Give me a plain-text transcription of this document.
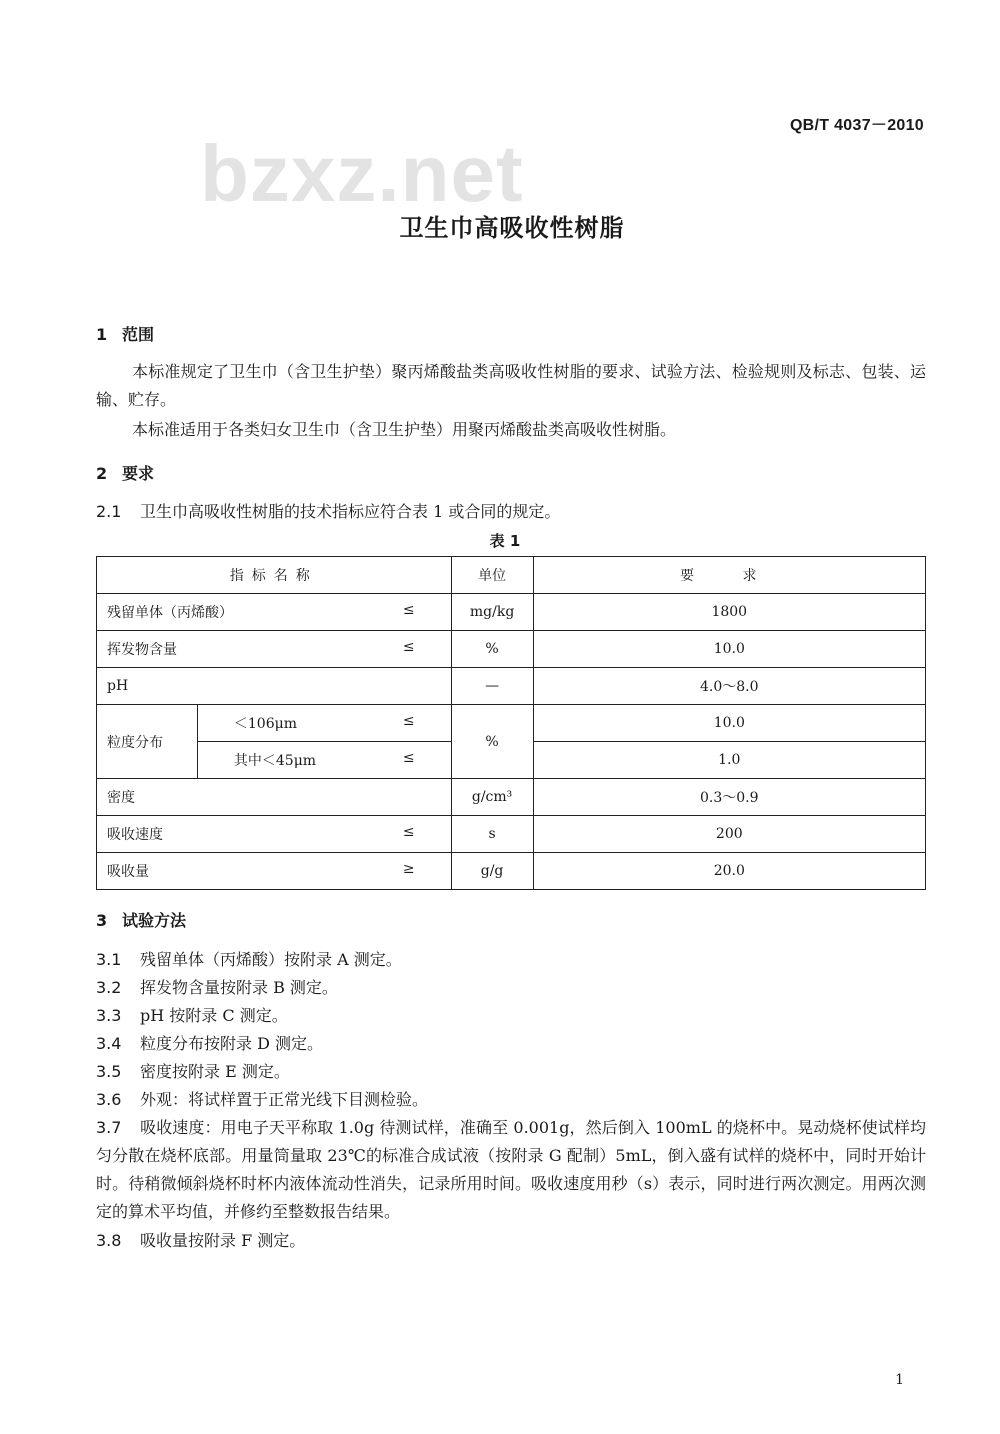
bzxz.net
QB/T 4037－2010
卫生巾高吸收性树脂
1 范围
本标准规定了卫生巾（含卫生护垫）聚丙烯酸盐类高吸收性树脂的要求、试验方法、检验规则及标志、包装、运输、贮存。
本标准适用于各类妇女卫生巾（含卫生护垫）用聚丙烯酸盐类高吸收性树脂。
2 要求
2.1 卫生巾高吸收性树脂的技术指标应符合表 1 或合同的规定。
表 1
指标名称		单位	要 求
残留单体（丙烯酸） ≤		mg/kg	1800
挥发物含量 ≤		%	10.0
pH		—	4.0～8.0
粒度分布	＜106μm ≤	%	10.0
	其中＜45μm ≤		1.0
密度		g/cm³	0.3～0.9
吸收速度 ≤		s	200
吸收量 ≥		g/g	20.0
3 试验方法
3.1 残留单体（丙烯酸）按附录 A 测定。
3.2 挥发物含量按附录 B 测定。
3.3 pH 按附录 C 测定。
3.4 粒度分布按附录 D 测定。
3.5 密度按附录 E 测定。
3.6 外观：将试样置于正常光线下目测检验。
3.7 吸收速度：用电子天平称取 1.0g 待测试样，准确至 0.001g，然后倒入 100mL 的烧杯中。晃动烧杯使试样均匀分散在烧杯底部。用量筒量取 23℃的标准合成试液（按附录 G 配制）5mL，倒入盛有试样的烧杯中，同时开始计时。待稍微倾斜烧杯时杯内液体流动性消失，记录所用时间。吸收速度用秒（s）表示，同时进行两次测定。用两次测定的算术平均值，并修约至整数报告结果。
3.8 吸收量按附录 F 测定。
1
